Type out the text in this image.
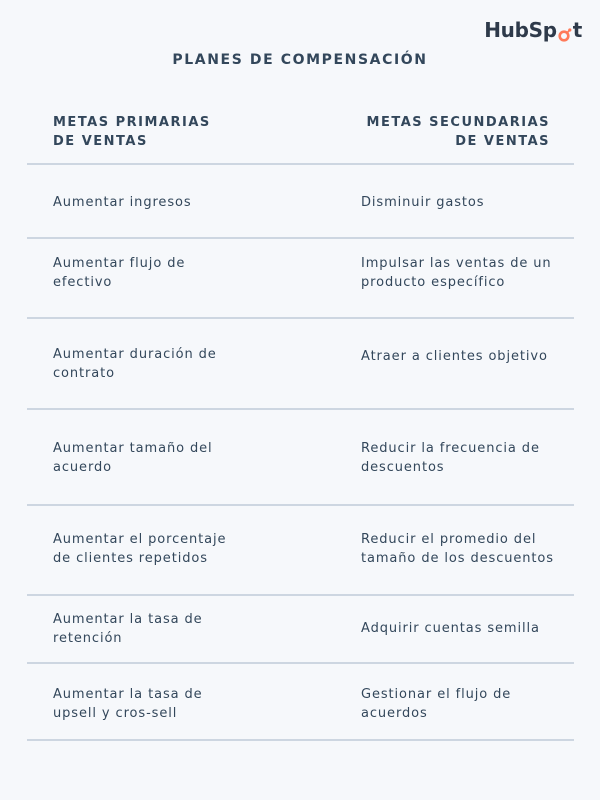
HubSp t
PLANES DE COMPENSACIÓN
METAS PRIMARIAS
DE VENTAS
METAS SECUNDARIAS
DE VENTAS
Aumentar ingresos	Disminuir gastos
Aumentar flujo de
efectivo
Impulsar las ventas de un
producto específico
Aumentar duración de
contrato
Atraer a clientes objetivo
Aumentar tamaño del
acuerdo
Reducir la frecuencia de
descuentos
Aumentar el porcentaje
de clientes repetidos
Reducir el promedio del
tamaño de los descuentos
Aumentar la tasa de
retención
Adquirir cuentas semilla
Aumentar la tasa de
upsell y cros-sell
Gestionar el flujo de
acuerdos
